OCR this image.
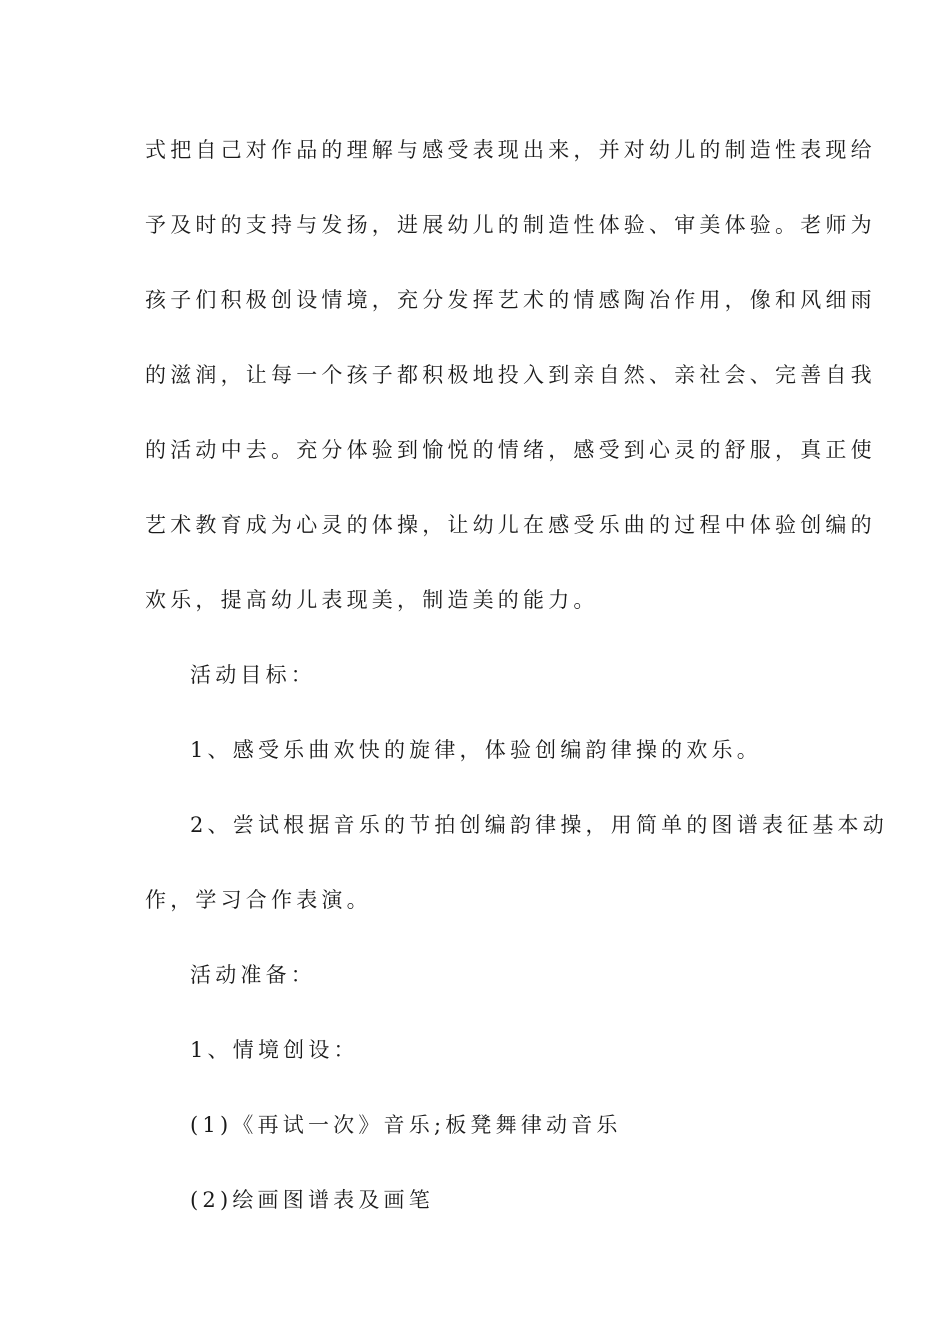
式把自己对作品的理解与感受表现出来，并对幼儿的制造性表现给
予及时的支持与发扬，进展幼儿的制造性体验、审美体验。老师为
孩子们积极创设情境，充分发挥艺术的情感陶冶作用，像和风细雨
的滋润，让每一个孩子都积极地投入到亲自然、亲社会、完善自我
的活动中去。充分体验到愉悦的情绪，感受到心灵的舒服，真正使
艺术教育成为心灵的体操，让幼儿在感受乐曲的过程中体验创编的
欢乐，提高幼儿表现美，制造美的能力。
活动目标：
1、感受乐曲欢快的旋律，体验创编韵律操的欢乐。
2、尝试根据音乐的节拍创编韵律操，用简单的图谱表征基本动
作，学习合作表演。
活动准备：
1、情境创设：
(1)《再试一次》音乐;板凳舞律动音乐
(2)绘画图谱表及画笔
